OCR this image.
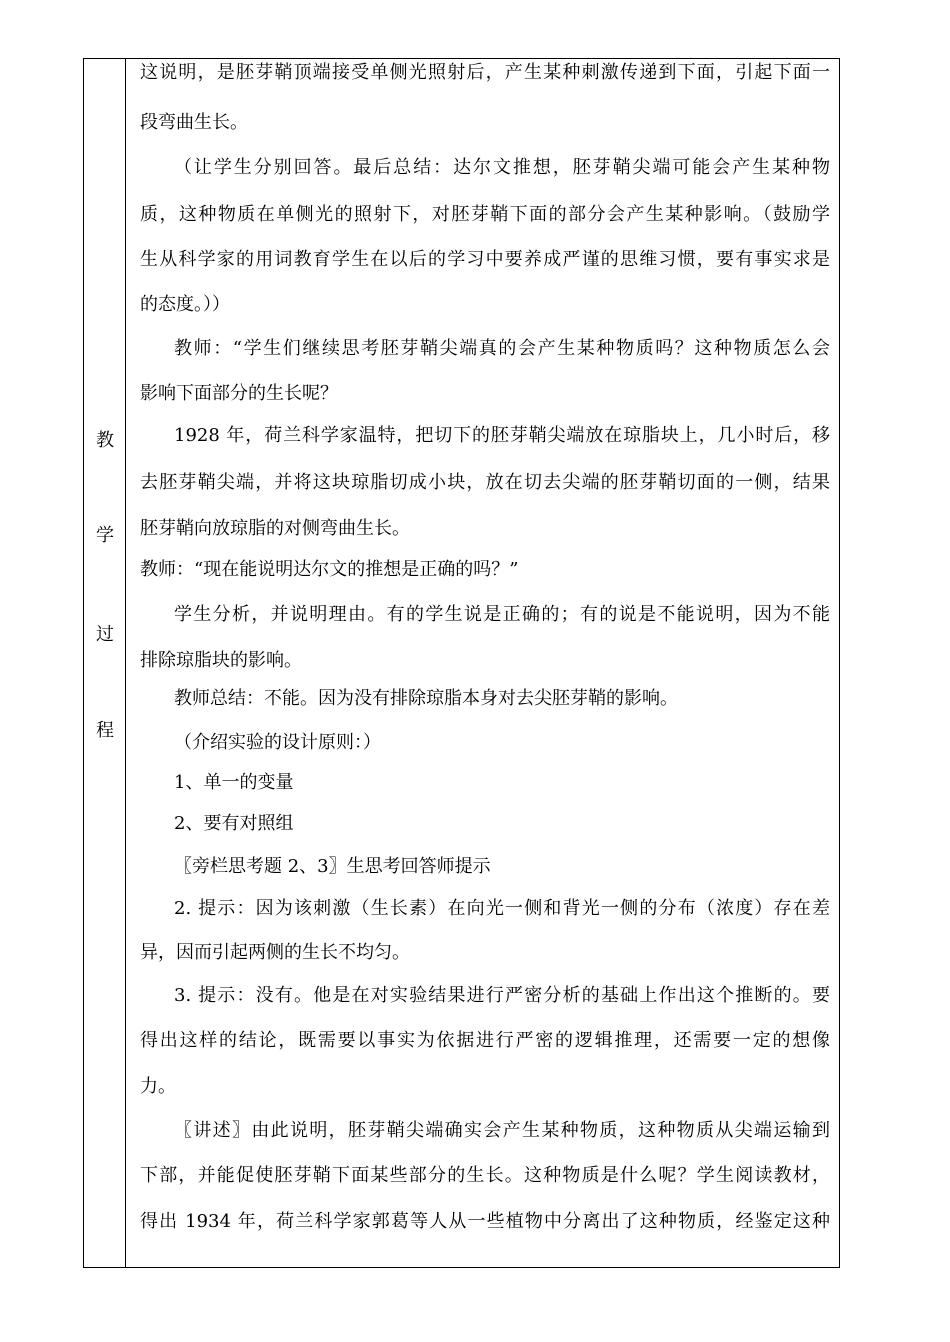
教
学
过
程
这说明，是胚芽鞘顶端接受单侧光照射后，产生某种刺激传递到下面，引起下面一
段弯曲生长。
（让学生分别回答。最后总结：达尔文推想，胚芽鞘尖端可能会产生某种物
质，这种物质在单侧光的照射下，对胚芽鞘下面的部分会产生某种影响。（鼓励学
生从科学家的用词教育学生在以后的学习中要养成严谨的思维习惯，要有事实求是
的态度。））
教师：“学生们继续思考胚芽鞘尖端真的会产生某种物质吗？这种物质怎么会
影响下面部分的生长呢？
1928 年，荷兰科学家温特，把切下的胚芽鞘尖端放在琼脂块上，几小时后，移
去胚芽鞘尖端，并将这块琼脂切成小块，放在切去尖端的胚芽鞘切面的一侧，结果
胚芽鞘向放琼脂的对侧弯曲生长。
教师：“现在能说明达尔文的推想是正确的吗？”
学生分析，并说明理由。有的学生说是正确的；有的说是不能说明，因为不能
排除琼脂块的影响。
教师总结：不能。因为没有排除琼脂本身对去尖胚芽鞘的影响。
（介绍实验的设计原则：）
1、单一的变量
2、要有对照组
〖旁栏思考题 2、3〗生思考回答师提示
2. 提示：因为该刺激（生长素）在向光一侧和背光一侧的分布（浓度）存在差
异，因而引起两侧的生长不均匀。
3. 提示：没有。他是在对实验结果进行严密分析的基础上作出这个推断的。要
得出这样的结论，既需要以事实为依据进行严密的逻辑推理，还需要一定的想像
力。
〖讲述〗由此说明，胚芽鞘尖端确实会产生某种物质，这种物质从尖端运输到
下部，并能促使胚芽鞘下面某些部分的生长。这种物质是什么呢？学生阅读教材，
得出 1934 年，荷兰科学家郭葛等人从一些植物中分离出了这种物质，经鉴定这种
